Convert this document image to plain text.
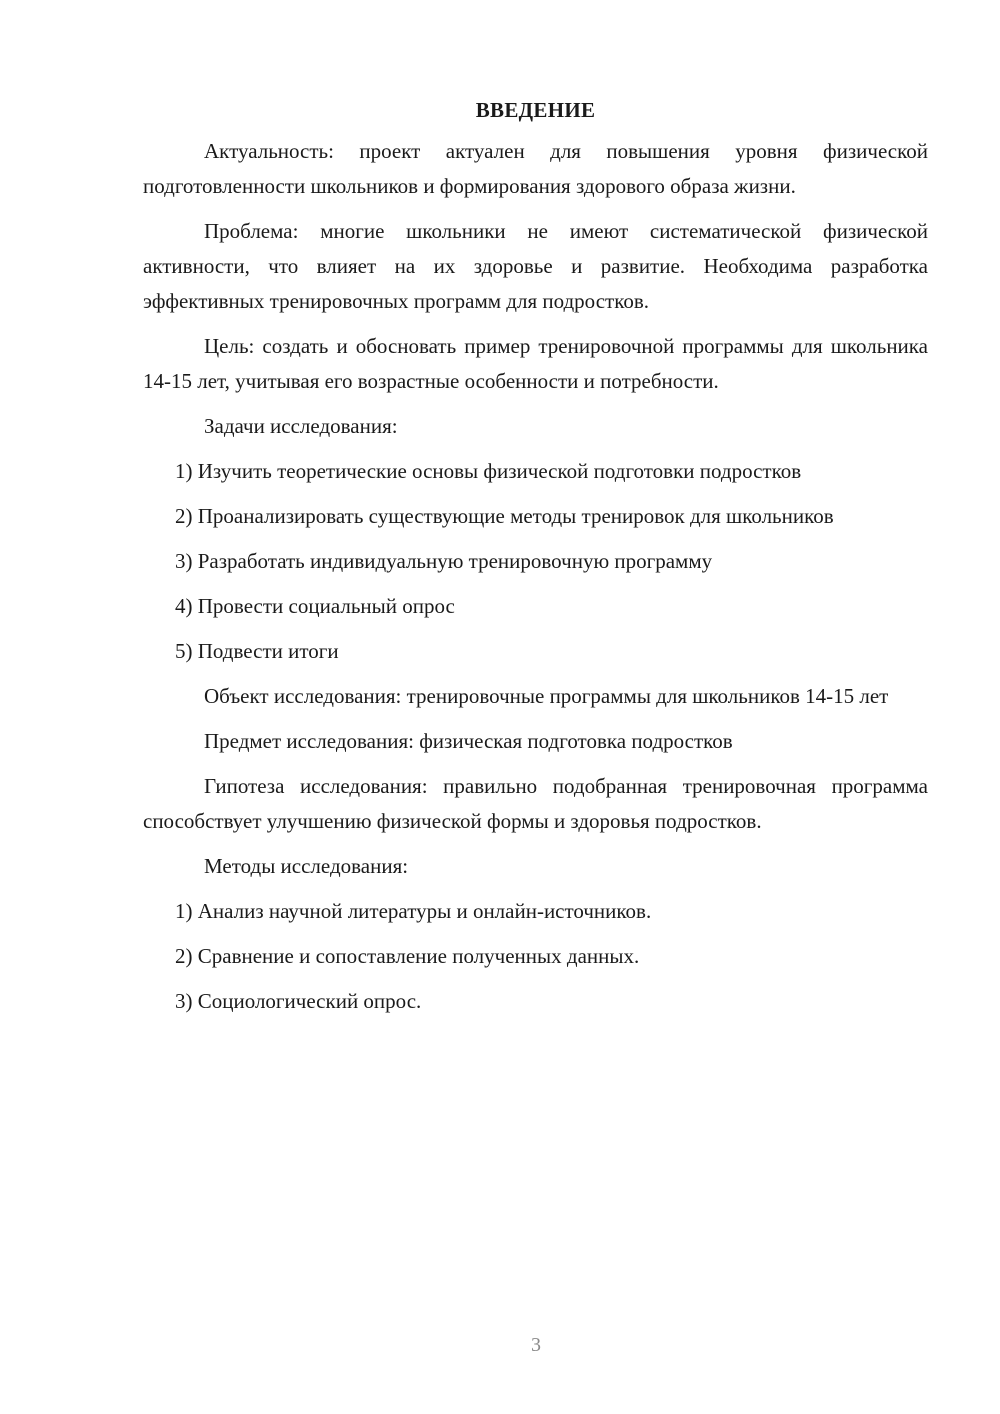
ВВЕДЕНИЕ

Актуальность: проект актуален для повышения уровня физической подготовленности школьников и формирования здорового образа жизни.

Проблема: многие школьники не имеют систематической физической активности, что влияет на их здоровье и развитие. Необходима разработка эффективных тренировочных программ для подростков.

Цель: создать и обосновать пример тренировочной программы для школьника 14-15 лет, учитывая его возрастные особенности и потребности.

Задачи исследования:

1) Изучить теоретические основы физической подготовки подростков

2) Проанализировать существующие методы тренировок для школьников

3) Разработать индивидуальную тренировочную программу

4) Провести социальный опрос

5) Подвести итоги

Объект исследования: тренировочные программы для школьников 14-15 лет

Предмет исследования: физическая подготовка подростков

Гипотеза исследования: правильно подобранная тренировочная программа способствует улучшению физической формы и здоровья подростков.

Методы исследования:

1) Анализ научной литературы и онлайн-источников.

2) Сравнение и сопоставление полученных данных.

3) Социологический опрос.

3
